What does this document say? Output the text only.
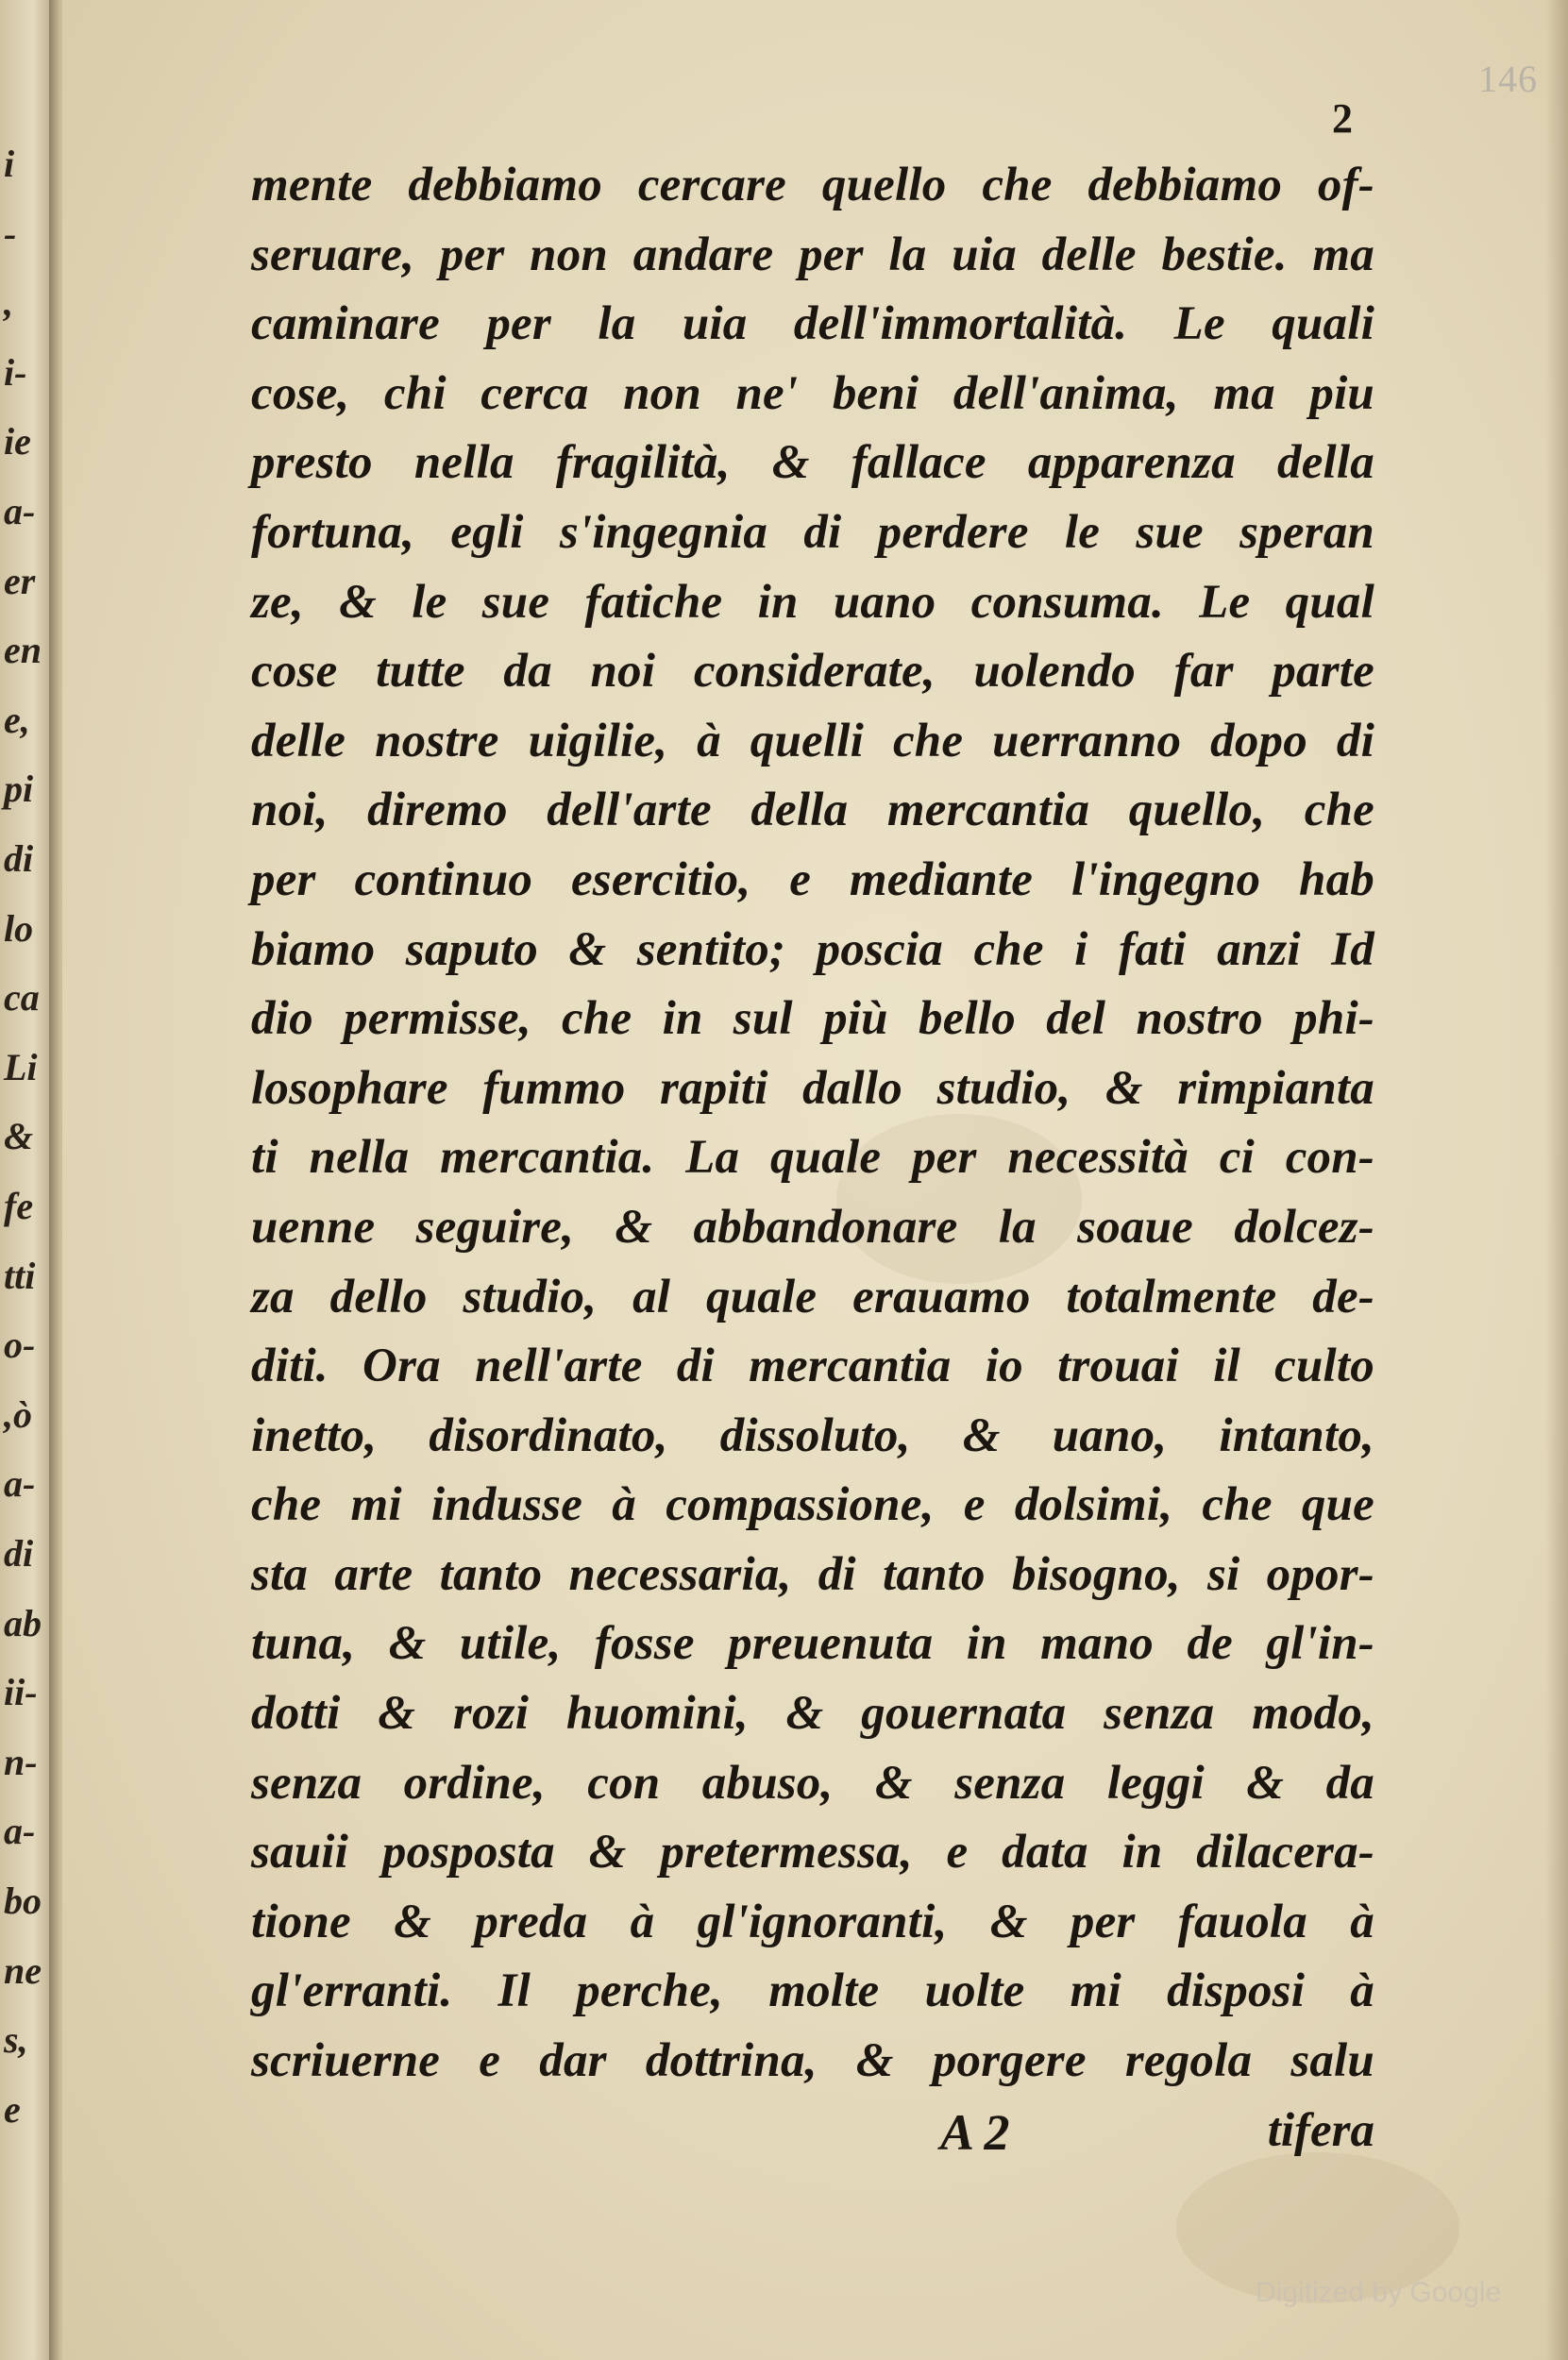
i
-
,
i-
ie
a-
er
en
e,
pi
di
lo
ca
Li
&
fe
tti
o-
,ò
a-
di
ab
ii-
n-
a-
bo
ne
s,
e
146
2
mente debbiamo cercare quello che debbiamo of-
seruare, per non andare per la uia delle bestie. ma
caminare per la uia dell'immortalità. Le quali
cose, chi cerca non ne' beni dell'anima, ma piu
presto nella fragilità, & fallace apparenza della
fortuna, egli s'ingegnia di perdere le sue speran
ze, & le sue fatiche in uano consuma. Le qual
cose tutte da noi considerate, uolendo far parte
delle nostre uigilie, à quelli che uerranno dopo di
noi, diremo dell'arte della mercantia quello, che
per continuo esercitio, e mediante l'ingegno hab
biamo saputo & sentito; poscia che i fati anzi Id
dio permisse, che in sul più bello del nostro phi-
losophare fummo rapiti dallo studio, & rimpianta
ti nella mercantia. La quale per necessità ci con-
uenne seguire, & abbandonare la soaue dolcez-
za dello studio, al quale erauamo totalmente de-
diti. Ora nell'arte di mercantia io trouai il culto
inetto, disordinato, dissoluto, & uano, intanto,
che mi indusse à compassione, e dolsimi, che que
sta arte tanto necessaria, di tanto bisogno, si opor-
tuna, & utile, fosse preuenuta in mano de gl'in-
dotti & rozi huomini, & gouernata senza modo,
senza ordine, con abuso, & senza leggi & da
sauii posposta & pretermessa, e data in dilacera-
tione & preda à gl'ignoranti, & per fauola à
gl'erranti. Il perche, molte uolte mi disposi à
scriuerne e dar dottrina, & porgere regola salu
A 2	tifera
Digitized by Google
